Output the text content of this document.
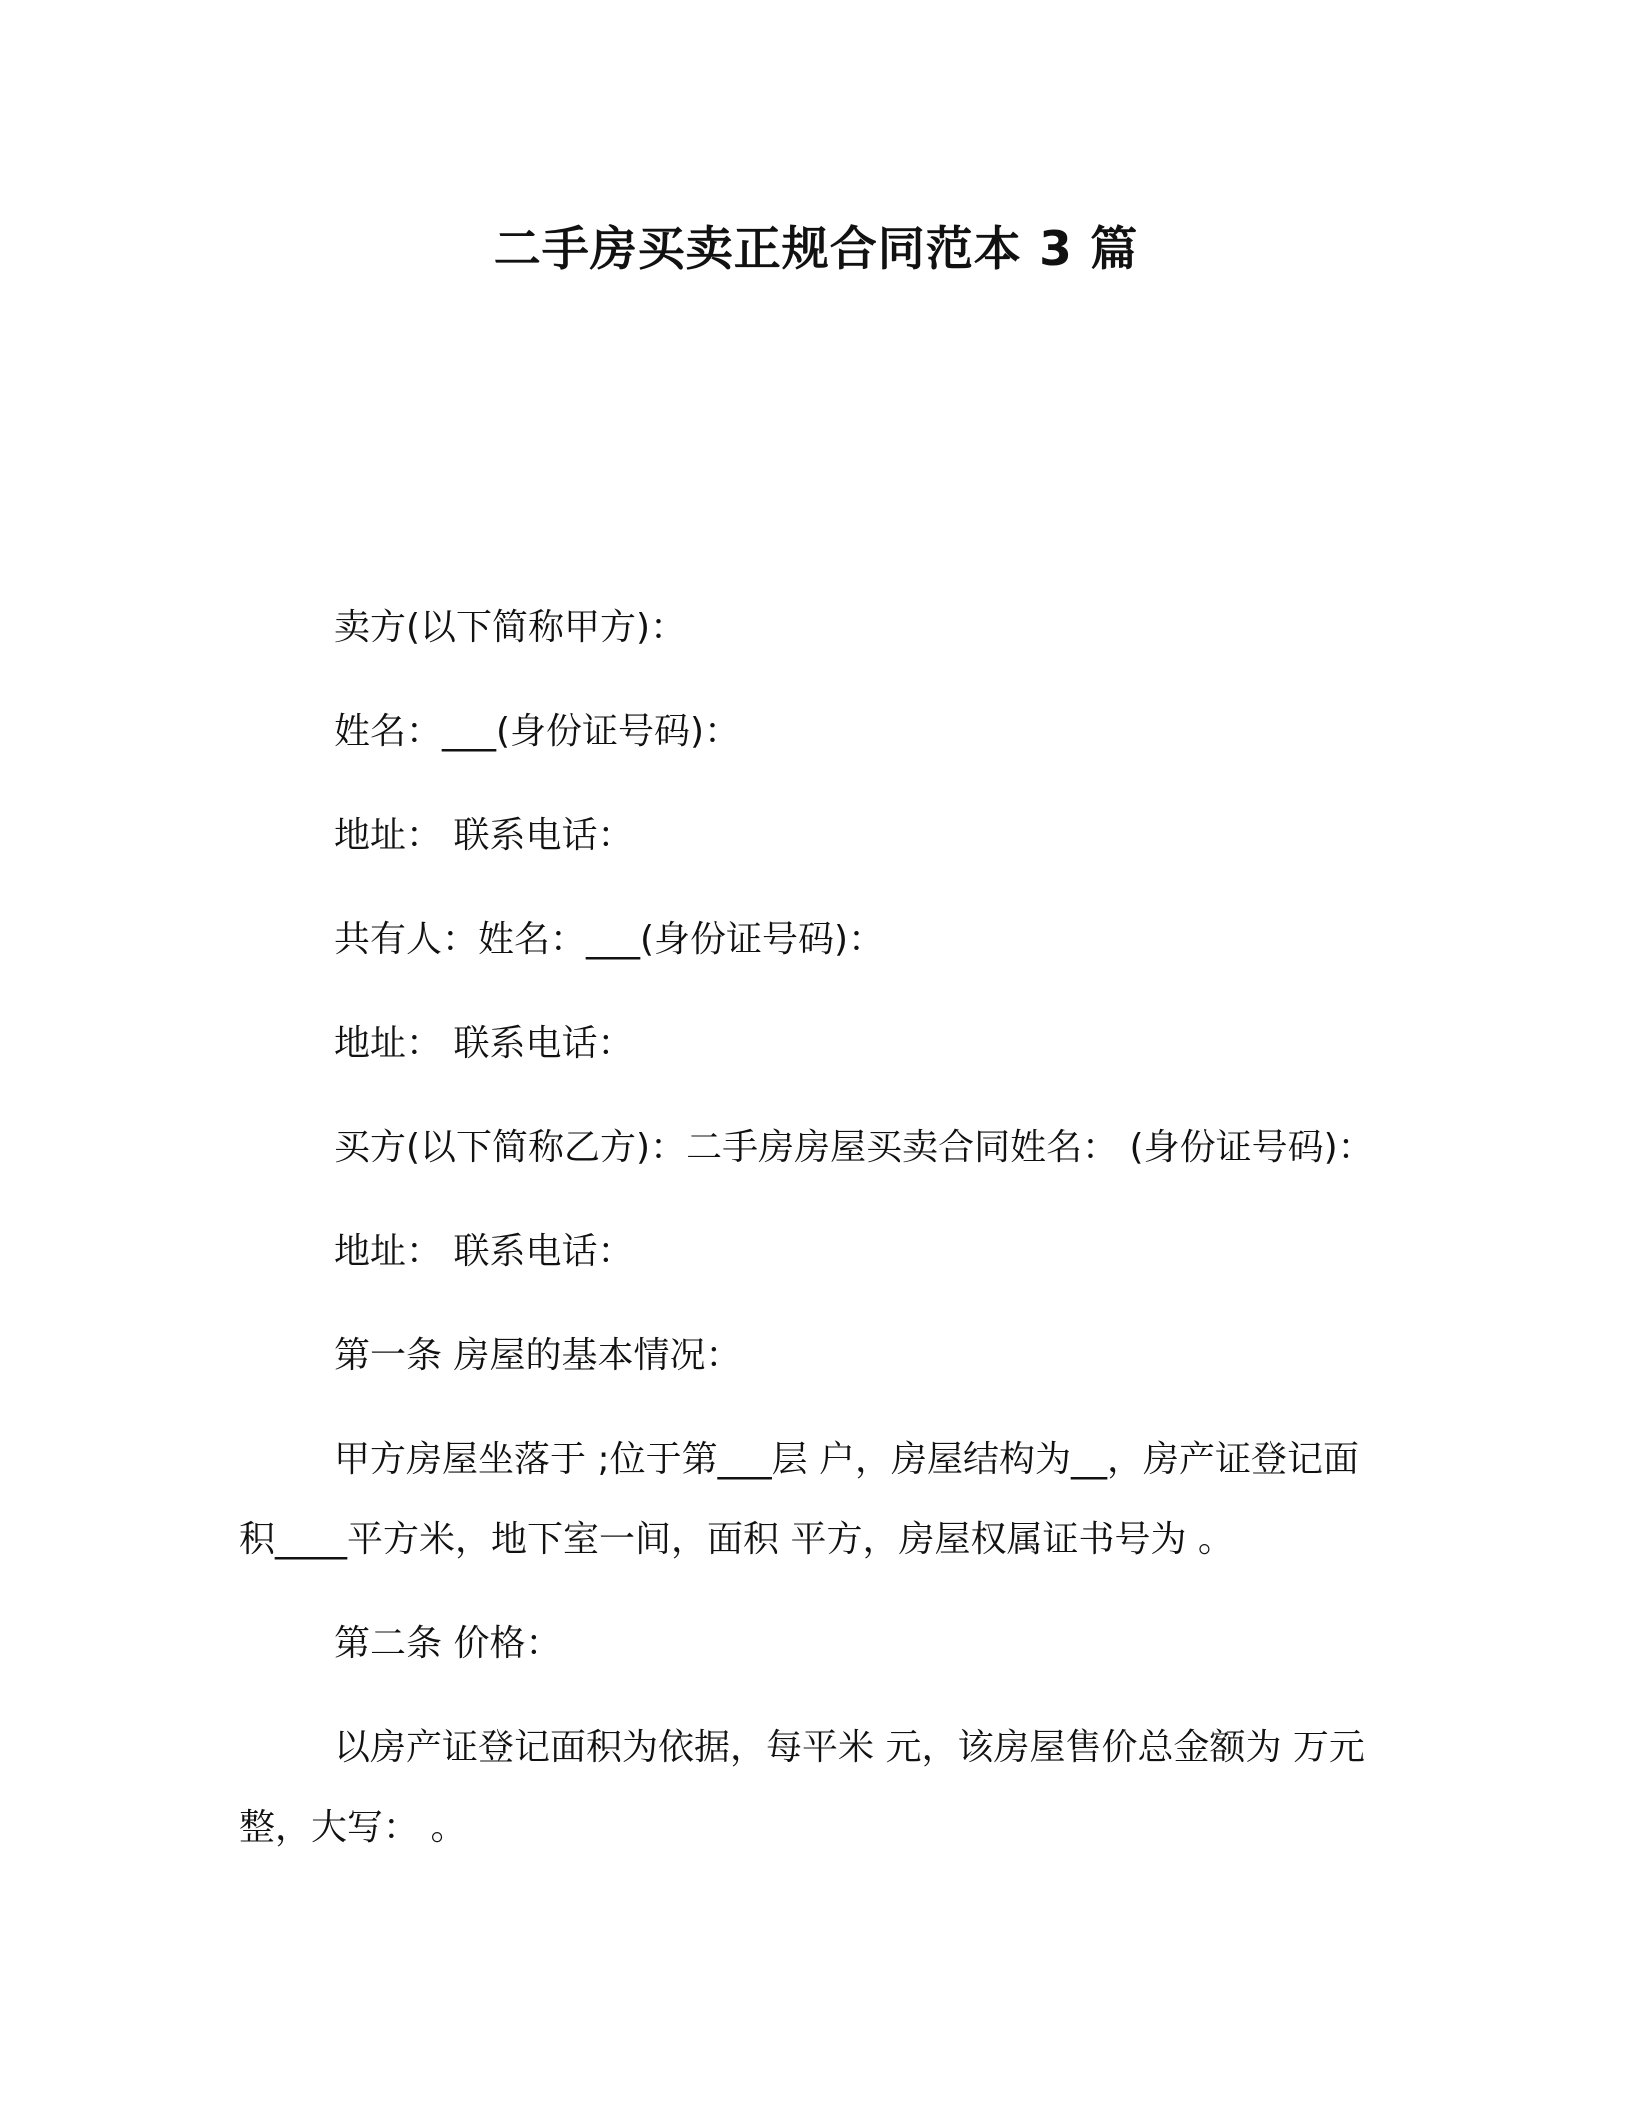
二手房买卖正规合同范本 3 篇

卖方(以下简称甲方)：

姓名：___(身份证号码)：

地址： 联系电话：

共有人：姓名：___(身份证号码)：

地址： 联系电话：

买方(以下简称乙方)：二手房房屋买卖合同姓名： (身份证号码)：

地址： 联系电话：

第一条 房屋的基本情况：

甲方房屋坐落于 ;位于第___层 户，房屋结构为__，房产证登记面积____平方米，地下室一间，面积 平方，房屋权属证书号为 。

第二条 价格：

以房产证登记面积为依据，每平米 元，该房屋售价总金额为 万元整，大写： 。
